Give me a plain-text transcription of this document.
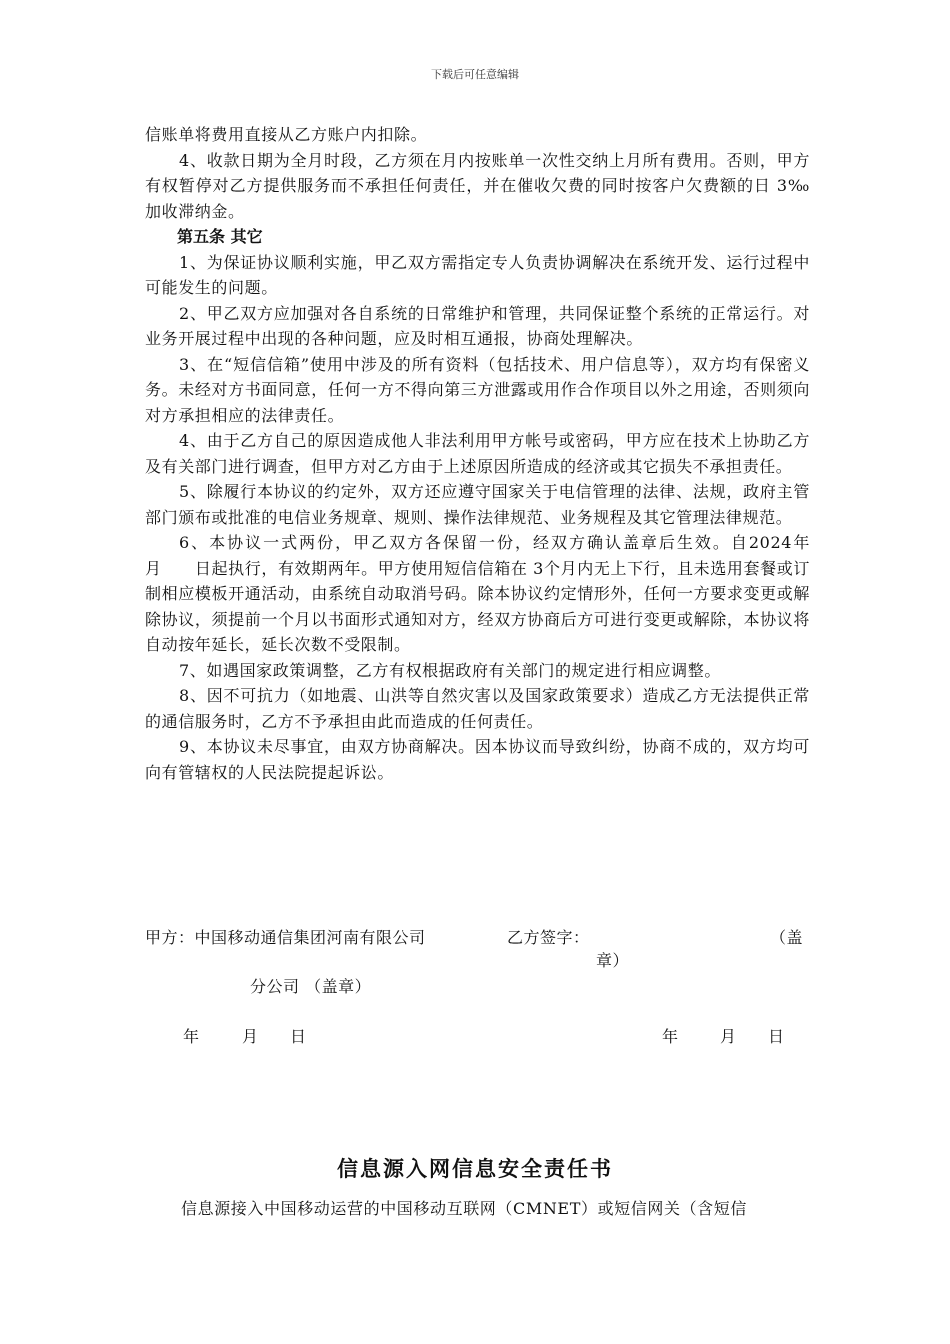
下载后可任意编辑

信账单将费用直接从乙方账户内扣除。

4、收款日期为全月时段，乙方须在月内按账单一次性交纳上月所有费用。否则，甲方有权暂停对乙方提供服务而不承担任何责任，并在催收欠费的同时按客户欠费额的日 3‰加收滞纳金。

第五条 其它

1、为保证协议顺利实施，甲乙双方需指定专人负责协调解决在系统开发、运行过程中可能发生的问题。

2、甲乙双方应加强对各自系统的日常维护和管理，共同保证整个系统的正常运行。对业务开展过程中出现的各种问题，应及时相互通报，协商处理解决。

3、在“短信信箱”使用中涉及的所有资料（包括技术、用户信息等），双方均有保密义务。未经对方书面同意，任何一方不得向第三方泄露或用作合作项目以外之用途，否则须向对方承担相应的法律责任。

4、由于乙方自己的原因造成他人非法利用甲方帐号或密码，甲方应在技术上协助乙方及有关部门进行调查，但甲方对乙方由于上述原因所造成的经济或其它损失不承担责任。

5、除履行本协议的约定外，双方还应遵守国家关于电信管理的法律、法规，政府主管部门颁布或批准的电信业务规章、规则、操作法律规范、业务规程及其它管理法律规范。

6、本协议一式两份，甲乙双方各保留一份，经双方确认盖章后生效。自2024年　　月　　日起执行，有效期两年。甲方使用短信信箱在 3个月内无上下行，且未选用套餐或订制相应模板开通活动，由系统自动取消号码。除本协议约定情形外，任何一方要求变更或解除协议，须提前一个月以书面形式通知对方，经双方协商后方可进行变更或解除，本协议将自动按年延长，延长次数不受限制。

7、如遇国家政策调整，乙方有权根据政府有关部门的规定进行相应调整。

8、因不可抗力（如地震、山洪等自然灾害以及国家政策要求）造成乙方无法提供正常的通信服务时，乙方不予承担由此而造成的任何责任。

9、本协议未尽事宜，由双方协商解决。因本协议而导致纠纷，协商不成的，双方均可向有管辖权的人民法院提起诉讼。

甲方：中国移动通信集团河南有限公司	乙方签字：	（盖
章）
分公司 （盖章）
年	月 日	年	月 日
信息源入网信息安全责任书
信息源接入中国移动运营的中国移动互联网（CMNET）或短信网关（含短信
